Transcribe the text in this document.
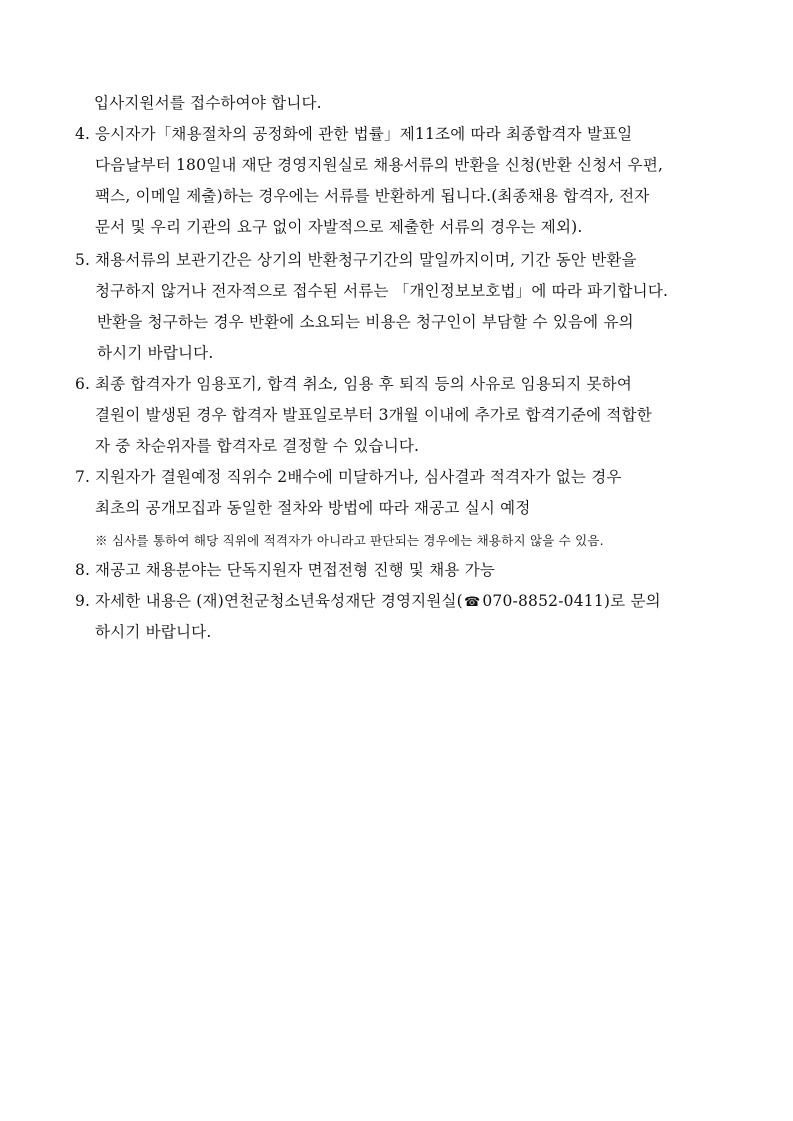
입사지원서를 접수하여야 합니다.
4. 응시자가「채용절차의 공정화에 관한 법률」제11조에 따라 최종합격자 발표일
다음날부터 180일내 재단 경영지원실로 채용서류의 반환을 신청(반환 신청서 우편,
팩스, 이메일 제출)하는 경우에는 서류를 반환하게 됩니다.(최종채용 합격자, 전자
문서 및 우리 기관의 요구 없이 자발적으로 제출한 서류의 경우는 제외).
5. 채용서류의 보관기간은 상기의 반환청구기간의 말일까지이며, 기간 동안 반환을
청구하지 않거나 전자적으로 접수된 서류는 「개인정보보호법」에 따라 파기합니다.
반환을 청구하는 경우 반환에 소요되는 비용은 청구인이 부담할 수 있음에 유의
하시기 바랍니다.
6. 최종 합격자가 임용포기, 합격 취소, 임용 후 퇴직 등의 사유로 임용되지 못하여
결원이 발생된 경우 합격자 발표일로부터 3개월 이내에 추가로 합격기준에 적합한
자 중 차순위자를 합격자로 결정할 수 있습니다.
7. 지원자가 결원예정 직위수 2배수에 미달하거나, 심사결과 적격자가 없는 경우
최초의 공개모집과 동일한 절차와 방법에 따라 재공고 실시 예정
※ 심사를 통하여 해당 직위에 적격자가 아니라고 판단되는 경우에는 채용하지 않을 수 있음.
8. 재공고 채용분야는 단독지원자 면접전형 진행 및 채용 가능
9. 자세한 내용은 (재)연천군청소년육성재단 경영지원실(☎ 070-8852-0411)로 문의
하시기 바랍니다.
